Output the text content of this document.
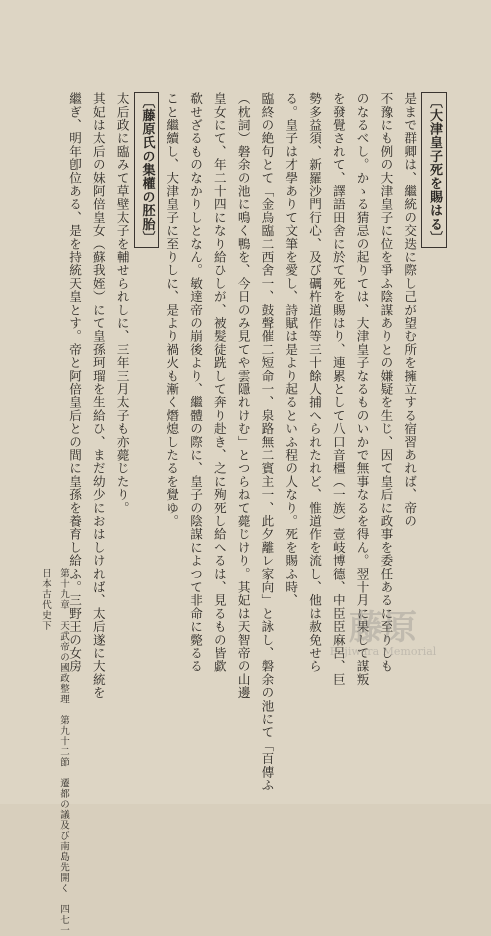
〔大津皇子死を賜はる〕
是まで群卿は、繼統の交迭に際し己が望む所を擁立する宿習あれば、帝の
不豫にも例の大津皇子に位を爭ふ陰謀ありとの嫌疑を生じ、因て皇后に政事を委任あるに至りしも
のなるべし。かゝる猜忌の起りては、大津皇子なるものいかで無事なるを得ん。翌十月に果して謀叛
を發覺されて、譯語田舍に於て死を賜はり、連累として八口音橿（一族）壹岐博德、中臣臣麻呂、巨
勢多益須、新羅沙門行心、及び礪杵道作等三十餘人捕へられたれど、惟道作を流し、他は赦免せら
る。皇子は才學ありて文筆を愛し、詩賦は是より起るといふ程の人なり。死を賜ふ時、
臨終の絶句とて「金烏臨二西舍一、鼓聲催二短命一、泉路無二賓主一、此夕離レ家向」と詠し、磐余の池にて「百傳ふ
（枕詞）磐余の池に鳴く鴨を、今日のみ見てや雲隱れけむ」とつらねて薨じけり。其妃は天智帝の山邊
皇女にて、年二十四になり給ひしが、被髪徒跣して奔り赴き、之に殉死し給へるは、見るもの皆歔
欷せざるものなかりしとなん。敏達帝の崩後より、繼體の際に、皇子の陰謀によつて非命に斃るる
こと繼續し、大津皇子に至りしに、是より禍火も漸く熸熄したるを覺ゆ。
〔藤原氏の集權の胚胎〕
太后政に臨みて草壁太子を輔せられしに、三年三月太子も亦薨じたり。
其妃は太后の妹阿倍皇女（蘇我姪）にて皇孫珂瑠を生給ひ、まだ幼少におはしければ、太后遂に大統を
繼ぎ、明年卽位ある、是を持統天皇とす。帝と阿倍皇后との間に皇孫を養育し給ふ。三野王の女房	藤原
Fujiwara Memorial
日本古代史下 第十九章　天武帝の國政整理　第九十二節　遷都の議及び南島先開く　四七一
